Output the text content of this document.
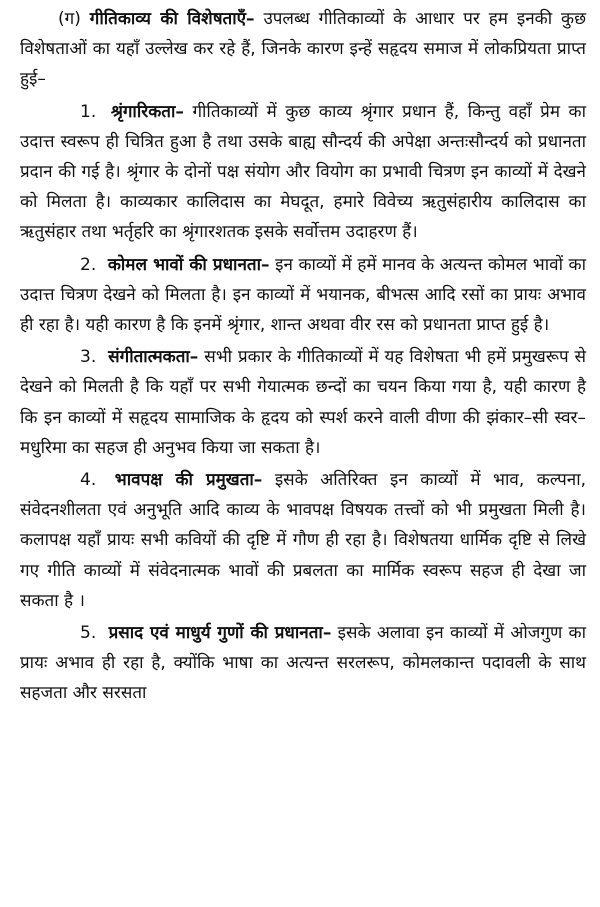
(ग) गीतिकाव्य की विशेषताएँ– उपलब्ध गीतिकाव्यों के आधार पर हम इनकी कुछ विशेषताओं का यहाँ उल्लेख कर रहे हैं, जिनके कारण इन्हें सहृदय समाज में लोकप्रियता प्राप्त हुई–

1. श्रृंगारिकता– गीतिकाव्यों में कुछ काव्य श्रृंगार प्रधान हैं, किन्तु वहाँ प्रेम का उदात्त स्वरूप ही चित्रित हुआ है तथा उसके बाह्य सौन्दर्य की अपेक्षा अन्तःसौन्दर्य को प्रधानता प्रदान की गई है। श्रृंगार के दोनों पक्ष संयोग और वियोग का प्रभावी चित्रण इन काव्यों में देखने को मिलता है। काव्यकार कालिदास का मेघदूत, हमारे विवेच्य ऋतुसंहारीय कालिदास का ऋतुसंहार तथा भर्तृहरि का श्रृंगारशतक इसके सर्वोत्तम उदाहरण हैं।

2. कोमल भावों की प्रधानता– इन काव्यों में हमें मानव के अत्यन्त कोमल भावों का उदात्त चित्रण देखने को मिलता है। इन काव्यों में भयानक, बीभत्स आदि रसों का प्रायः अभाव ही रहा है। यही कारण है कि इनमें श्रृंगार, शान्त अथवा वीर रस को प्रधानता प्राप्त हुई है।

3. संगीतात्मकता– सभी प्रकार के गीतिकाव्यों में यह विशेषता भी हमें प्रमुखरूप से देखने को मिलती है कि यहाँ पर सभी गेयात्मक छन्दों का चयन किया गया है, यही कारण है कि इन काव्यों में सहृदय सामाजिक के हृदय को स्पर्श करने वाली वीणा की झंकार–सी स्वर–मधुरिमा का सहज ही अनुभव किया जा सकता है।

4. भावपक्ष की प्रमुखता– इसके अतिरिक्त इन काव्यों में भाव, कल्पना, संवेदनशीलता एवं अनुभूति आदि काव्य के भावपक्ष विषयक तत्त्वों को भी प्रमुखता मिली है। कलापक्ष यहाँ प्रायः सभी कवियों की दृष्टि में गौण ही रहा है। विशेषतया धार्मिक दृष्टि से लिखे गए गीति काव्यों में संवेदनात्मक भावों की प्रबलता का मार्मिक स्वरूप सहज ही देखा जा सकता है ।

5. प्रसाद एवं माधुर्य गुणों की प्रधानता– इसके अलावा इन काव्यों में ओजगुण का प्रायः अभाव ही रहा है, क्योंकि भाषा का अत्यन्त सरलरूप, कोमलकान्त पदावली के साथ सहजता और सरसता
